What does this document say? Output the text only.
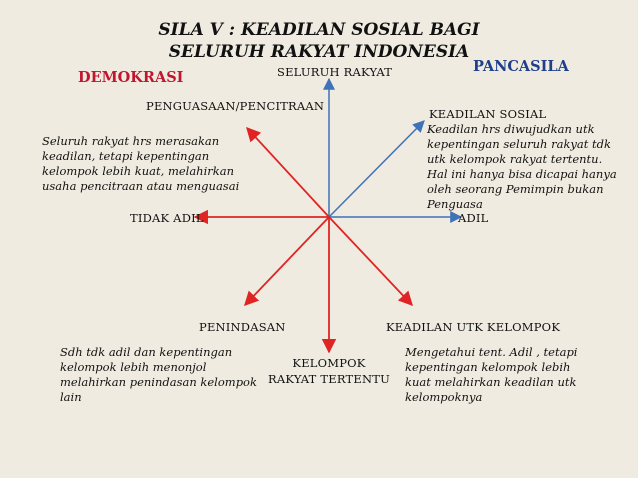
SILA V : KEADILAN SOSIAL BAGI
SELURUH RAKYAT INDONESIA
DEMOKRASI
PANCASILA
SELURUH RAKYAT
PENGUASAAN/PENCITRAAN
KEADILAN SOSIAL
TIDAK ADIL	ADIL
PENINDASAN	KEADILAN UTK KELOMPOK
KELOMPOK
RAKYAT TERTENTU
Seluruh rakyat hrs merasakan keadilan, tetapi kepentingan kelompok lebih kuat, melahirkan usaha pencitraan atau menguasai
Keadilan hrs diwujudkan utk kepentingan seluruh rakyat tdk utk kelompok rakyat tertentu. Hal ini hanya bisa dicapai hanya oleh seorang Pemimpin bukan Penguasa
Sdh tdk adil dan kepentingan kelompok lebih menonjol melahirkan penindasan kelompok lain
Mengetahui tent. Adil , tetapi kepentingan kelompok lebih kuat melahirkan keadilan utk kelompoknya
